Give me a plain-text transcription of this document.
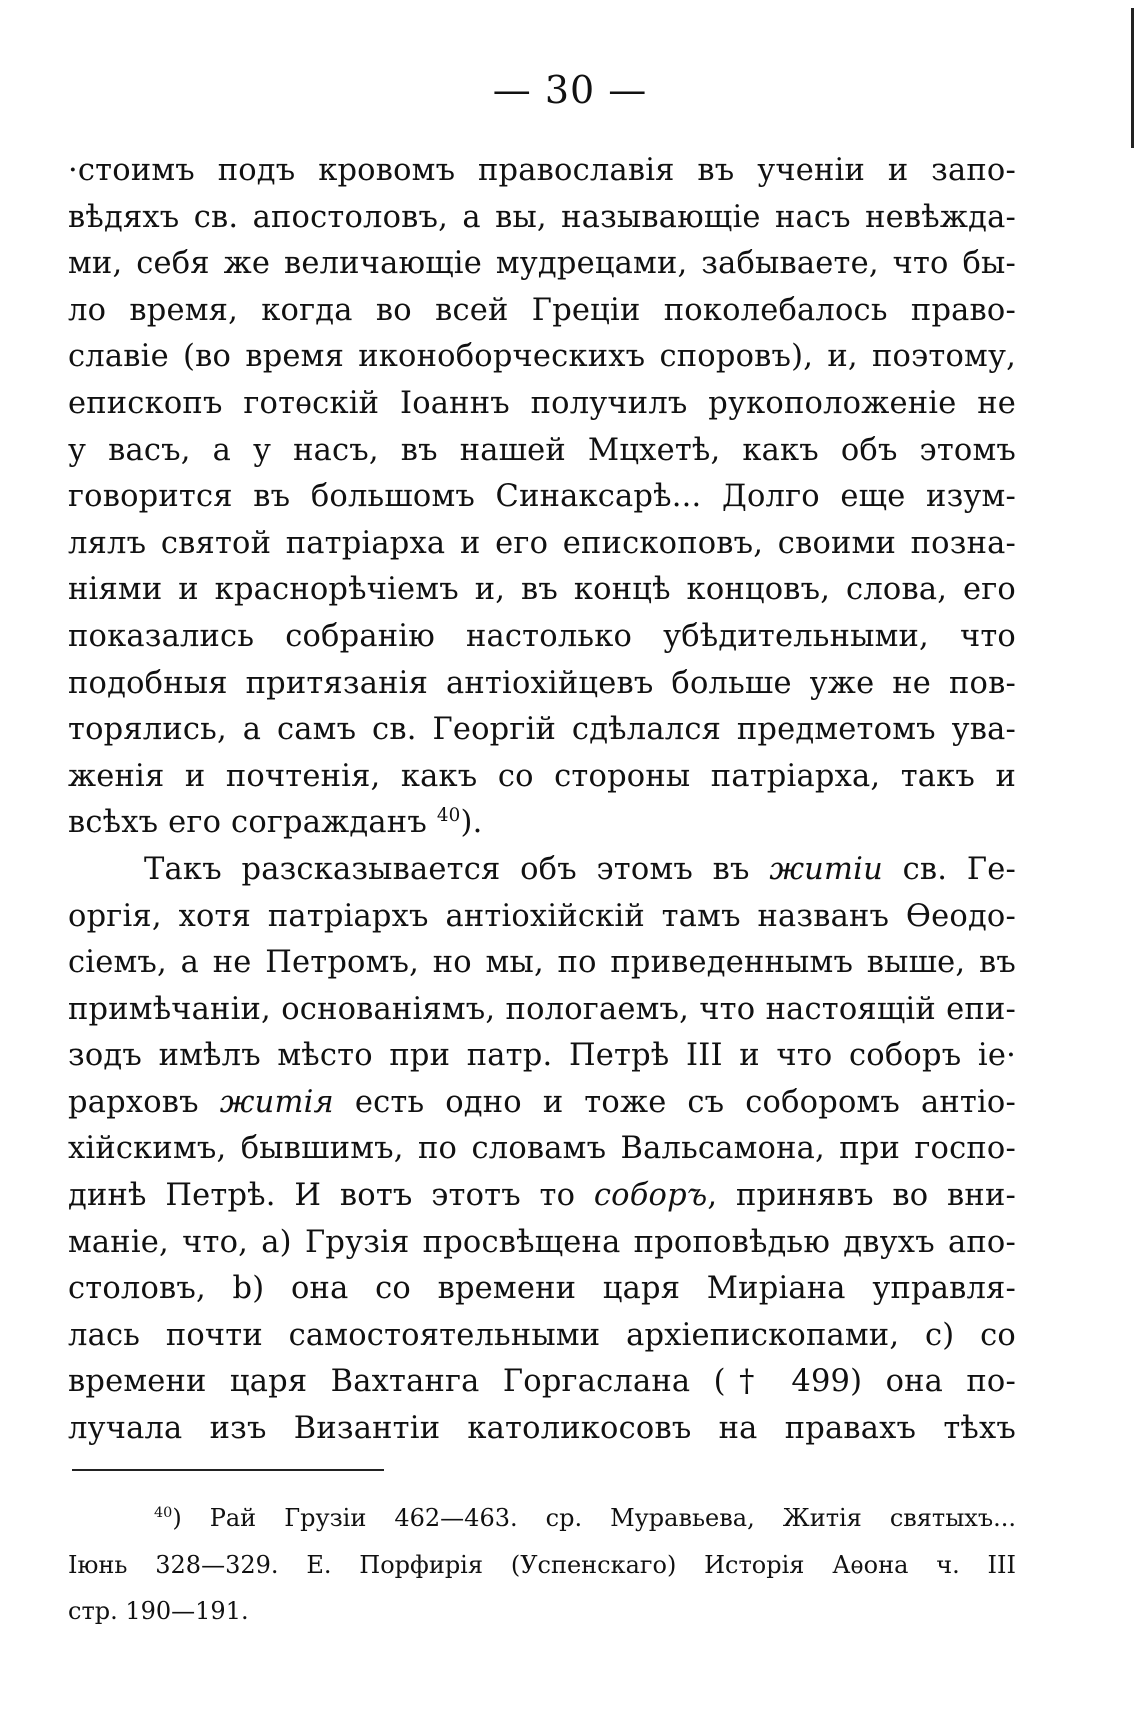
— 30 —
·стоимъ подъ кровомъ православія въ ученіи и запо-
вѣдяхъ св. апостоловъ, а вы, называющіе насъ невѣжда-
ми, себя же величающіе мудрецами, забываете, что бы-
ло время, когда во всей Греціи поколебалось право-
славіе (во время иконоборческихъ споровъ), и, поэтому,
епископъ готѳскій Іоаннъ получилъ рукоположеніе не
у васъ, а у насъ, въ нашей Мцхетѣ, какъ объ этомъ
говорится въ большомъ Синаксарѣ... Долго еще изум-
лялъ святой патріарха и его епископовъ, своими позна-
ніями и краснорѣчіемъ и, въ концѣ концовъ, слова, его
показались собранію настолько убѣдительными, что
подобныя притязанія антіохійцевъ больше уже не пов-
торялись, а самъ св. Георгій сдѣлался предметомъ ува-
женія и почтенія, какъ со стороны патріарха, такъ и
всѣхъ его согражданъ $^{40}$).
Такъ разсказывается объ этомъ въ житіи св. Ге-
оргія, хотя патріархъ антіохійскій тамъ названъ Ѳеодо-
сіемъ, а не Петромъ, но мы, по приведеннымъ выше, въ
примѣчаніи, основаніямъ, пологаемъ, что настоящій епи-
зодъ имѣлъ мѣсто при патр. Петрѣ III и что соборъ іе·
рарховъ житія есть одно и тоже съ соборомъ антіо-
хійскимъ, бывшимъ, по словамъ Вальсамона, при госпо-
динѣ Петрѣ. И вотъ этотъ то соборъ, принявъ во вни-
маніе, что, а) Грузія просвѣщена проповѣдью двухъ апо-
столовъ, b) она со времени царя Миріана управля-
лась почти самостоятельными архіепископами, с) со
времени царя Вахтанга Горгаслана († 499) она по-
лучала изъ Византіи католикосовъ на правахъ тѣхъ
$^{40}$) Рай Грузіи 462—463. ср. Муравьева, Житія святыхъ...
Іюнь 328—329. Е. Порфирія (Успенскаго) Исторія Аѳона ч. III
стр. 190—191.
